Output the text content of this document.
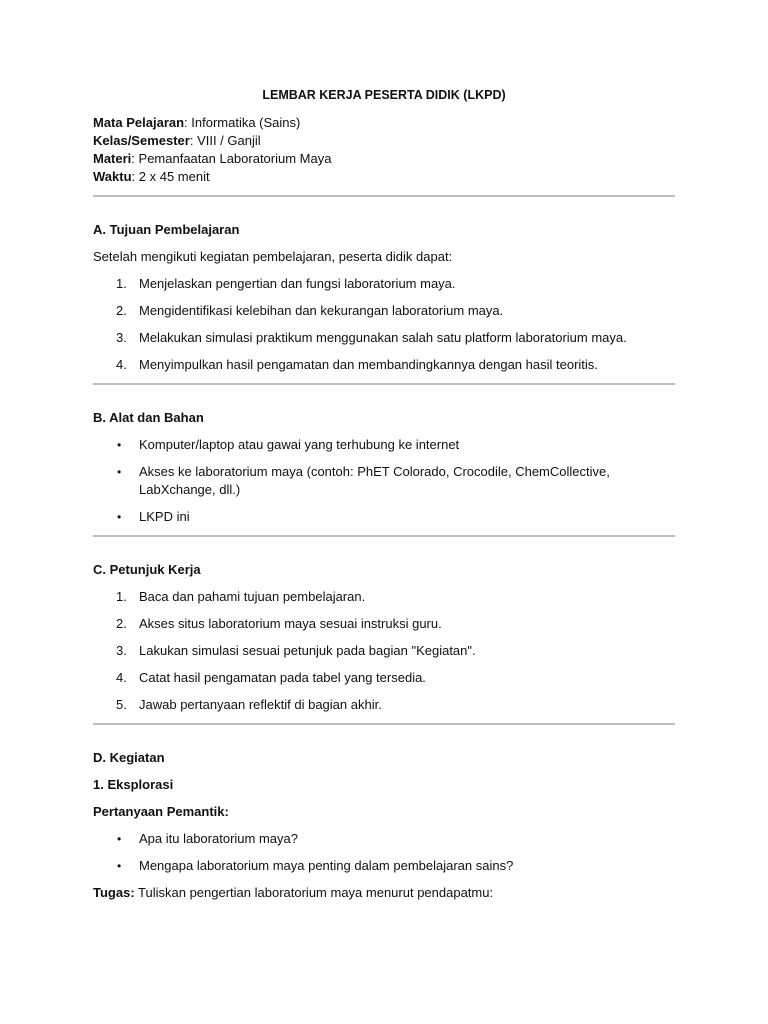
LEMBAR KERJA PESERTA DIDIK (LKPD)
Mata Pelajaran: Informatika (Sains)
Kelas/Semester: VIII / Ganjil
Materi: Pemanfaatan Laboratorium Maya
Waktu: 2 x 45 menit
A. Tujuan Pembelajaran
Setelah mengikuti kegiatan pembelajaran, peserta didik dapat:
1. Menjelaskan pengertian dan fungsi laboratorium maya.
2. Mengidentifikasi kelebihan dan kekurangan laboratorium maya.
3. Melakukan simulasi praktikum menggunakan salah satu platform laboratorium maya.
4. Menyimpulkan hasil pengamatan dan membandingkannya dengan hasil teoritis.
B. Alat dan Bahan
• Komputer/laptop atau gawai yang terhubung ke internet
• Akses ke laboratorium maya (contoh: PhET Colorado, Crocodile, ChemCollective, LabXchange, dll.)
• LKPD ini
C. Petunjuk Kerja
1. Baca dan pahami tujuan pembelajaran.
2. Akses situs laboratorium maya sesuai instruksi guru.
3. Lakukan simulasi sesuai petunjuk pada bagian "Kegiatan".
4. Catat hasil pengamatan pada tabel yang tersedia.
5. Jawab pertanyaan reflektif di bagian akhir.
D. Kegiatan
1. Eksplorasi
Pertanyaan Pemantik:
• Apa itu laboratorium maya?
• Mengapa laboratorium maya penting dalam pembelajaran sains?
Tugas: Tuliskan pengertian laboratorium maya menurut pendapatmu:
